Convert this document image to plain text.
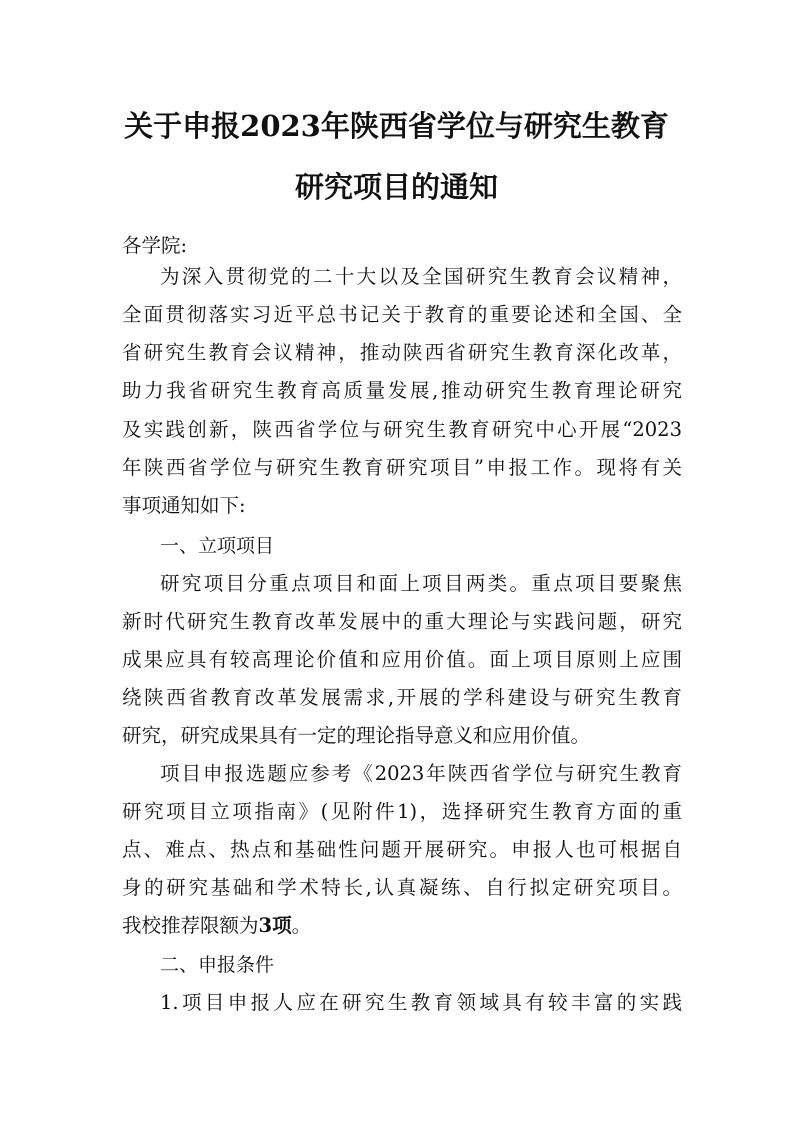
关于申报2023年陕西省学位与研究生教育
研究项目的通知

各学院:

为深入贯彻党的二十大以及全国研究生教育会议精神，

全面贯彻落实习近平总书记关于教育的重要论述和全国、全

省研究生教育会议精神，推动陕西省研究生教育深化改革，

助力我省研究生教育高质量发展,推动研究生教育理论研究

及实践创新，陕西省学位与研究生教育研究中心开展“2023

年陕西省学位与研究生教育研究项目”申报工作。现将有关

事项通知如下:

一、立项项目

研究项目分重点项目和面上项目两类。重点项目要聚焦

新时代研究生教育改革发展中的重大理论与实践问题，研究

成果应具有较高理论价值和应用价值。面上项目原则上应围

绕陕西省教育改革发展需求,开展的学科建设与研究生教育

研究，研究成果具有一定的理论指导意义和应用价值。

项目申报选题应参考《2023年陕西省学位与研究生教育

研究项目立项指南》(见附件1)，选择研究生教育方面的重

点、难点、热点和基础性问题开展研究。申报人也可根据自

身的研究基础和学术特长,认真凝练、自行拟定研究项目。

我校推荐限额为3项。

二、申报条件

1.项目申报人应在研究生教育领域具有较丰富的实践
